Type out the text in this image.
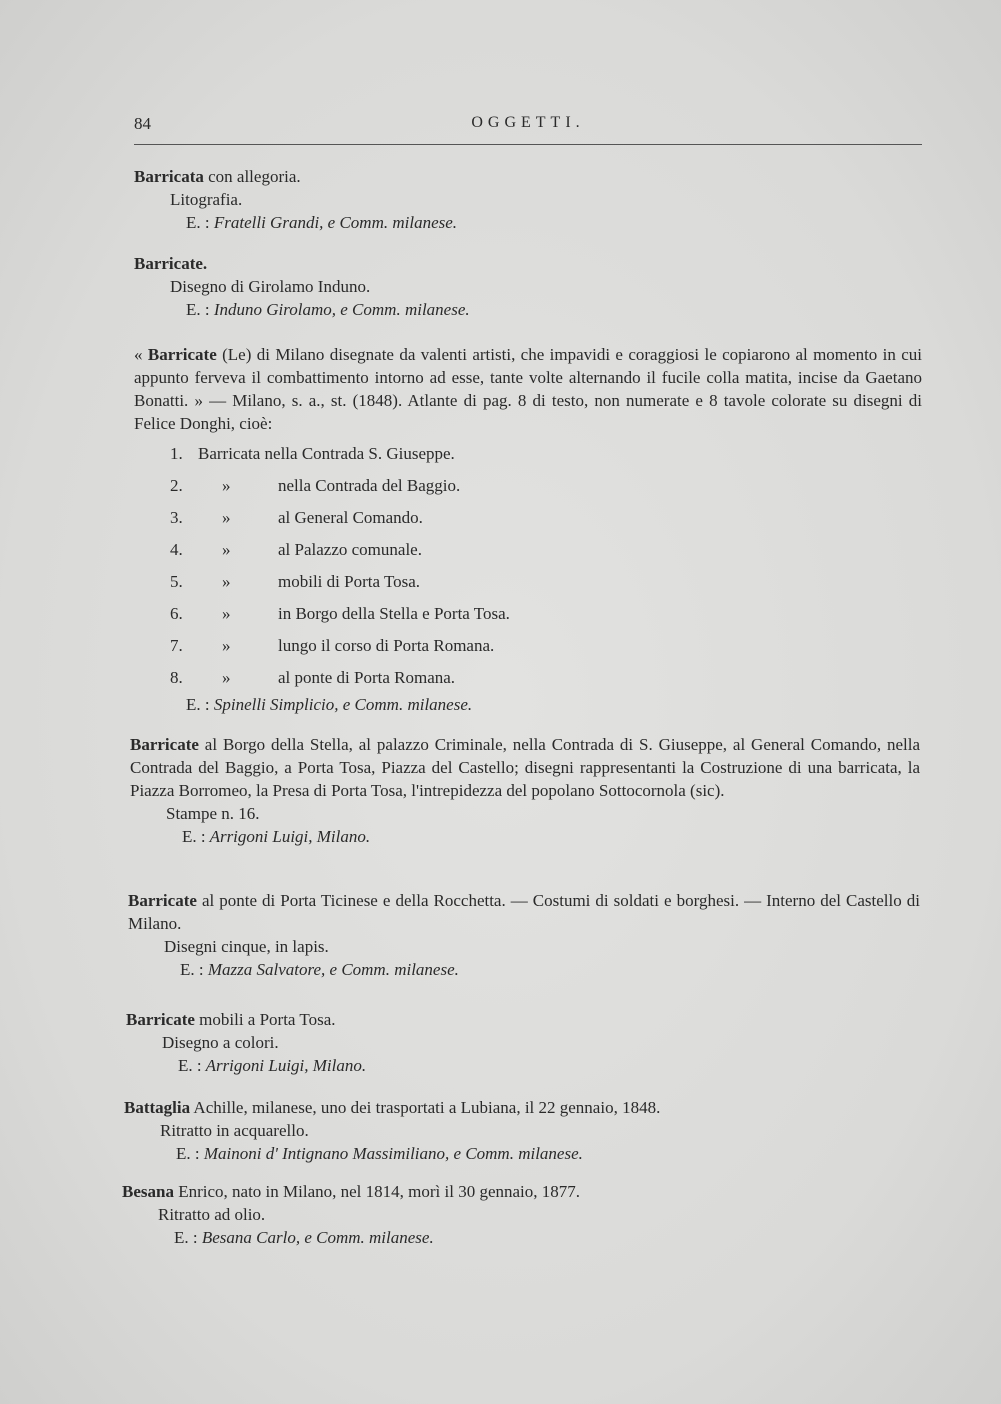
84	OGGETTI.
Barricata con allegoria.
Litografia.
E. : Fratelli Grandi, e Comm. milanese.
Barricate.
Disegno di Girolamo Induno.
E. : Induno Girolamo, e Comm. milanese.
« Barricate (Le) di Milano disegnate da valenti artisti, che impavidi e coraggiosi le copiarono al momento in cui appunto ferveva il combattimento intorno ad esse, tante volte alternando il fucile colla matita, incise da Gaetano Bonatti. » — Milano, s. a., st. (1848). Atlante di pag. 8 di testo, non numerate e 8 tavole colorate su disegni di Felice Donghi, cioè:
1. Barricata nella Contrada S. Giuseppe.
2.	»	nella Contrada del Baggio.
3.	»	al General Comando.
4.	»	al Palazzo comunale.
5.	»	mobili di Porta Tosa.
6.	»	in Borgo della Stella e Porta Tosa.
7.	»	lungo il corso di Porta Romana.
8.	»	al ponte di Porta Romana.
E. : Spinelli Simplicio, e Comm. milanese.
Barricate al Borgo della Stella, al palazzo Criminale, nella Contrada di S. Giuseppe, al General Comando, nella Contrada del Baggio, a Porta Tosa, Piazza del Castello; disegni rappresentanti la Costruzione di una barricata, la Piazza Borromeo, la Presa di Porta Tosa, l'intrepidezza del popolano Sottocornola (sic).
Stampe n. 16.
E. : Arrigoni Luigi, Milano.
Barricate al ponte di Porta Ticinese e della Rocchetta. — Costumi di soldati e borghesi. — Interno del Castello di Milano.
Disegni cinque, in lapis.
E. : Mazza Salvatore, e Comm. milanese.
Barricate mobili a Porta Tosa.
Disegno a colori.
E. : Arrigoni Luigi, Milano.
Battaglia Achille, milanese, uno dei trasportati a Lubiana, il 22 gennaio, 1848.
Ritratto in acquarello.
E. : Mainoni d' Intignano Massimiliano, e Comm. milanese.
Besana Enrico, nato in Milano, nel 1814, morì il 30 gennaio, 1877.
Ritratto ad olio.
E. : Besana Carlo, e Comm. milanese.
